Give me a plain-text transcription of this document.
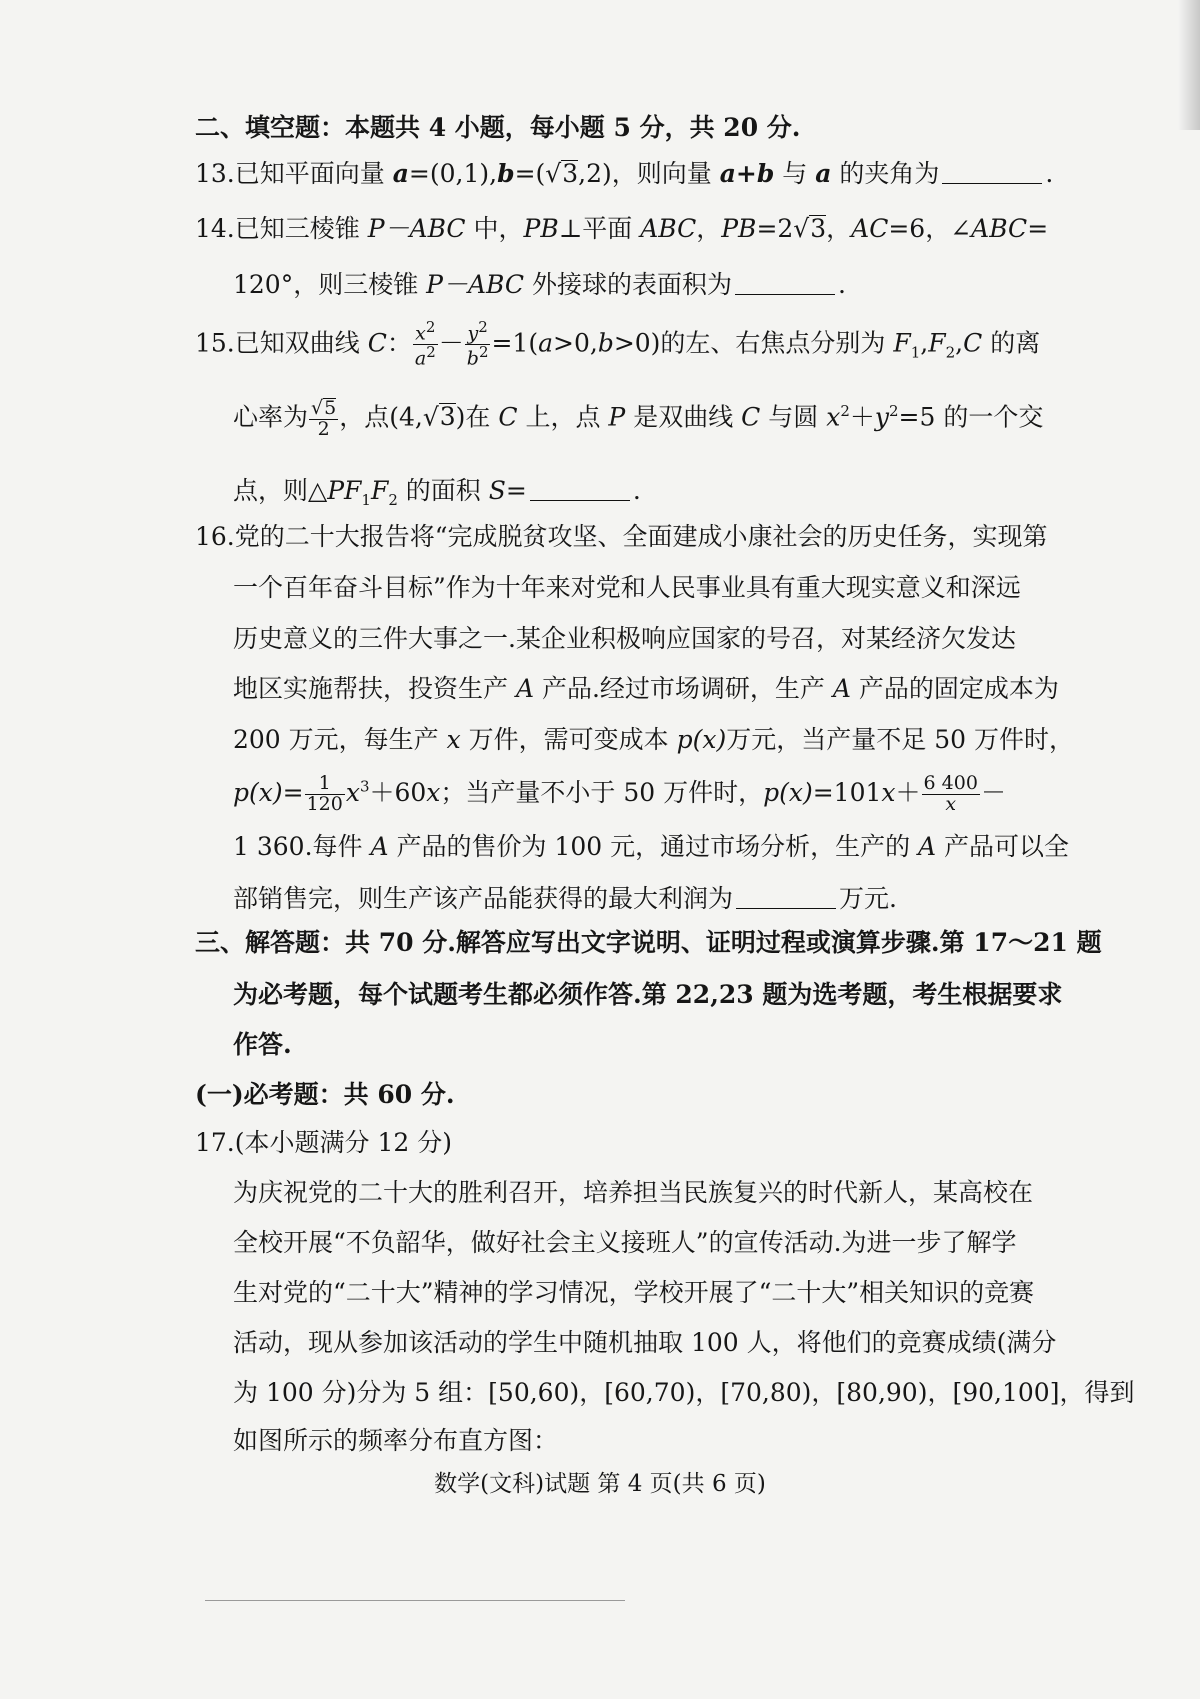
二、填空题：本题共 4 小题，每小题 5 分，共 20 分.
13.已知平面向量 a=(0,1),b=(√3,2)，则向量 a+b 与 a 的夹角为	.
14.已知三棱锥 P－ABC 中，PB⊥平面 ABC，PB=2√3，AC=6，∠ABC=
120°，则三棱锥 P－ABC 外接球的表面积为	.
15.已知双曲线 C： $\frac{x^2}{a^2} - \frac{y^2}{b^2} =1(a>0,b>0)$的左、右焦点分别为 $F_1,F_2,C$ 的离
心率为 $\frac{√5}{2}$ ，点(4,√3)在 C 上，点 P 是双曲线 C 与圆 $x^2+y^2=5$ 的一个交
点，则$\triangle PF_1F_2$ 的面积 S=	.
16.党的二十大报告将“完成脱贫攻坚、全面建成小康社会的历史任务，实现第
一个百年奋斗目标”作为十年来对党和人民事业具有重大现实意义和深远
历史意义的三件大事之一.某企业积极响应国家的号召，对某经济欠发达
地区实施帮扶，投资生产 A 产品.经过市场调研，生产 A 产品的固定成本为
200 万元，每生产 x 万件，需可变成本 p(x)万元，当产量不足 50 万件时，
$p(x)= \frac{1}{120} x^3+60x$；当产量不小于 50 万件时，$p(x)=101x+ \frac{6 400}{x}$ －
1 360.每件 A 产品的售价为 100 元，通过市场分析，生产的 A 产品可以全
部销售完，则生产该产品能获得的最大利润为	万元.
三、解答题：共 70 分.解答应写出文字说明、证明过程或演算步骤.第 17～21 题
为必考题，每个试题考生都必须作答.第 22,23 题为选考题，考生根据要求
作答.
(一)必考题：共 60 分.
17.(本小题满分 12 分)
为庆祝党的二十大的胜利召开，培养担当民族复兴的时代新人，某高校在
全校开展“不负韶华，做好社会主义接班人”的宣传活动.为进一步了解学
生对党的“二十大”精神的学习情况，学校开展了“二十大”相关知识的竞赛
活动，现从参加该活动的学生中随机抽取 100 人，将他们的竞赛成绩(满分
为 100 分)分为 5 组：[50,60)，[60,70)，[70,80)，[80,90)，[90,100]，得到
如图所示的频率分布直方图：
数学(文科)试题 第 4 页(共 6 页)
